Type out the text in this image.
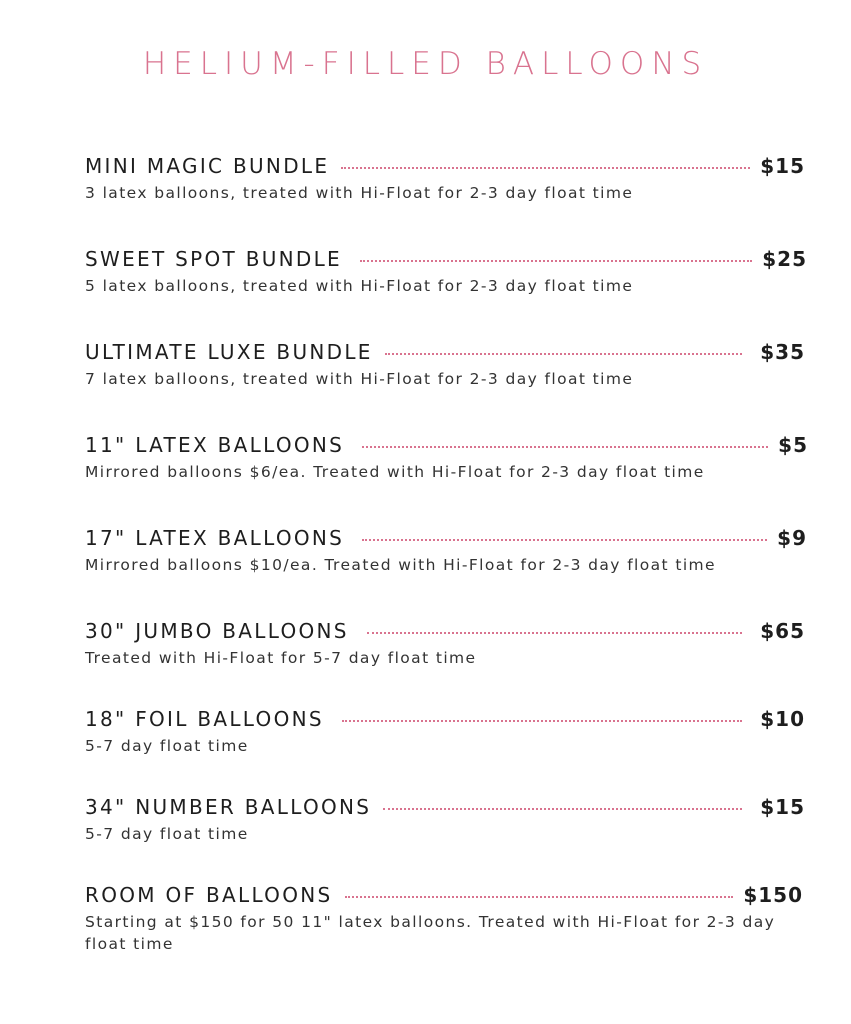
HELIUM-FILLED BALLOONS
MINI MAGIC BUNDLE	$15
3 latex balloons, treated with Hi-Float for 2-3 day float time
SWEET SPOT BUNDLE	$25
5 latex balloons, treated with Hi-Float for 2-3 day float time
ULTIMATE LUXE BUNDLE	$35
7 latex balloons, treated with Hi-Float for 2-3 day float time
11" LATEX BALLOONS	$5
Mirrored balloons $6/ea. Treated with Hi-Float for 2-3 day float time
17" LATEX BALLOONS	$9
Mirrored balloons $10/ea. Treated with Hi-Float for 2-3 day float time
30" JUMBO BALLOONS	$65
Treated with Hi-Float for 5-7 day float time
18" FOIL BALLOONS	$10
5-7 day float time
34" NUMBER BALLOONS	$15
5-7 day float time
ROOM OF BALLOONS	$150
Starting at $150 for 50 11" latex balloons. Treated with Hi-Float for 2-3 day float time
